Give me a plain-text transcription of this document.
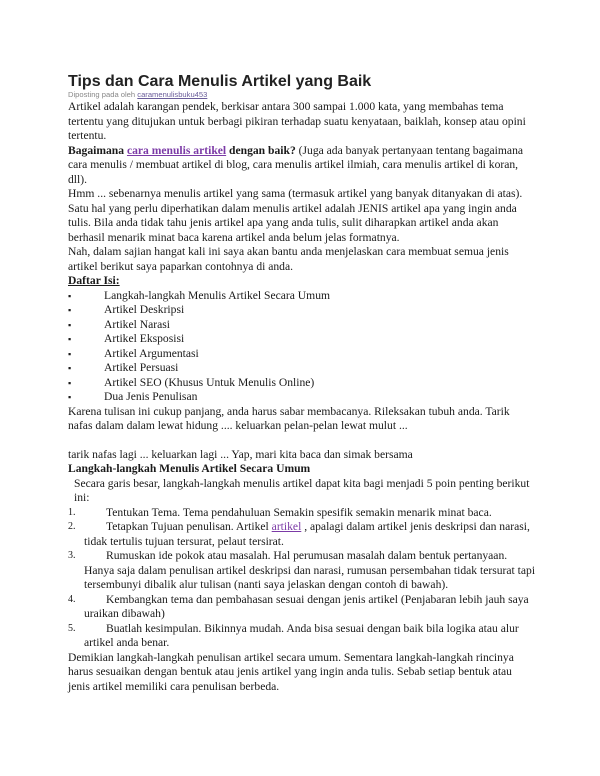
Tips dan Cara Menulis Artikel yang Baik
Diposting pada oleh caramenulisbuku453

Artikel adalah karangan pendek, berkisar antara 300 sampai 1.000 kata, yang membahas tema tertentu yang ditujukan untuk berbagi pikiran terhadap suatu kenyataan, baiklah, konsep atau opini tertentu.

Bagaimana cara menulis artikel dengan baik? (Juga ada banyak pertanyaan tentang bagaimana cara menulis / membuat artikel di blog, cara menulis artikel ilmiah, cara menulis artikel di koran, dll).

Hmm ... sebenarnya menulis artikel yang sama (termasuk artikel yang banyak ditanyakan di atas). Satu hal yang perlu diperhatikan dalam menulis artikel adalah JENIS artikel apa yang ingin anda tulis. Bila anda tidak tahu jenis artikel apa yang anda tulis, sulit diharapkan artikel anda akan berhasil menarik minat baca karena artikel anda belum jelas formatnya.

Nah, dalam sajian hangat kali ini saya akan bantu anda menjelaskan cara membuat semua jenis artikel berikut saya paparkan contohnya di anda.

Daftar Isi:
▪	Langkah-langkah Menulis Artikel Secara Umum
▪	Artikel Deskripsi
▪	Artikel Narasi
▪	Artikel Eksposisi
▪	Artikel Argumentasi
▪	Artikel Persuasi
▪	Artikel SEO (Khusus Untuk Menulis Online)
▪	Dua Jenis Penulisan

Karena tulisan ini cukup panjang, anda harus sabar membacanya. Rileksakan tubuh anda. Tarik nafas dalam dalam lewat hidung .... keluarkan pelan-pelan lewat mulut ...

tarik nafas lagi ... keluarkan lagi ... Yap, mari kita baca dan simak bersama

Langkah-langkah Menulis Artikel Secara Umum

Secara garis besar, langkah-langkah menulis artikel dapat kita bagi menjadi 5 poin penting berikut ini:

1.	Tentukan Tema. Tema pendahuluan Semakin spesifik semakin menarik minat baca.
2.	Tetapkan Tujuan penulisan. Artikel artikel , apalagi dalam artikel jenis deskripsi dan narasi, tidak tertulis tujuan tersurat, pelaut tersirat.
3.	Rumuskan ide pokok atau masalah. Hal perumusan masalah dalam bentuk pertanyaan. Hanya saja dalam penulisan artikel deskripsi dan narasi, rumusan persembahan tidak tersurat tapi tersembunyi dibalik alur tulisan (nanti saya jelaskan dengan contoh di bawah).
4.	Kembangkan tema dan pembahasan sesuai dengan jenis artikel (Penjabaran lebih jauh saya uraikan dibawah)
5.	Buatlah kesimpulan. Bikinnya mudah. Anda bisa sesuai dengan baik bila logika atau alur artikel anda benar.

Demikian langkah-langkah penulisan artikel secara umum. Sementara langkah-langkah rincinya harus sesuaikan dengan bentuk atau jenis artikel yang ingin anda tulis. Sebab setiap bentuk atau jenis artikel memiliki cara penulisan berbeda.
